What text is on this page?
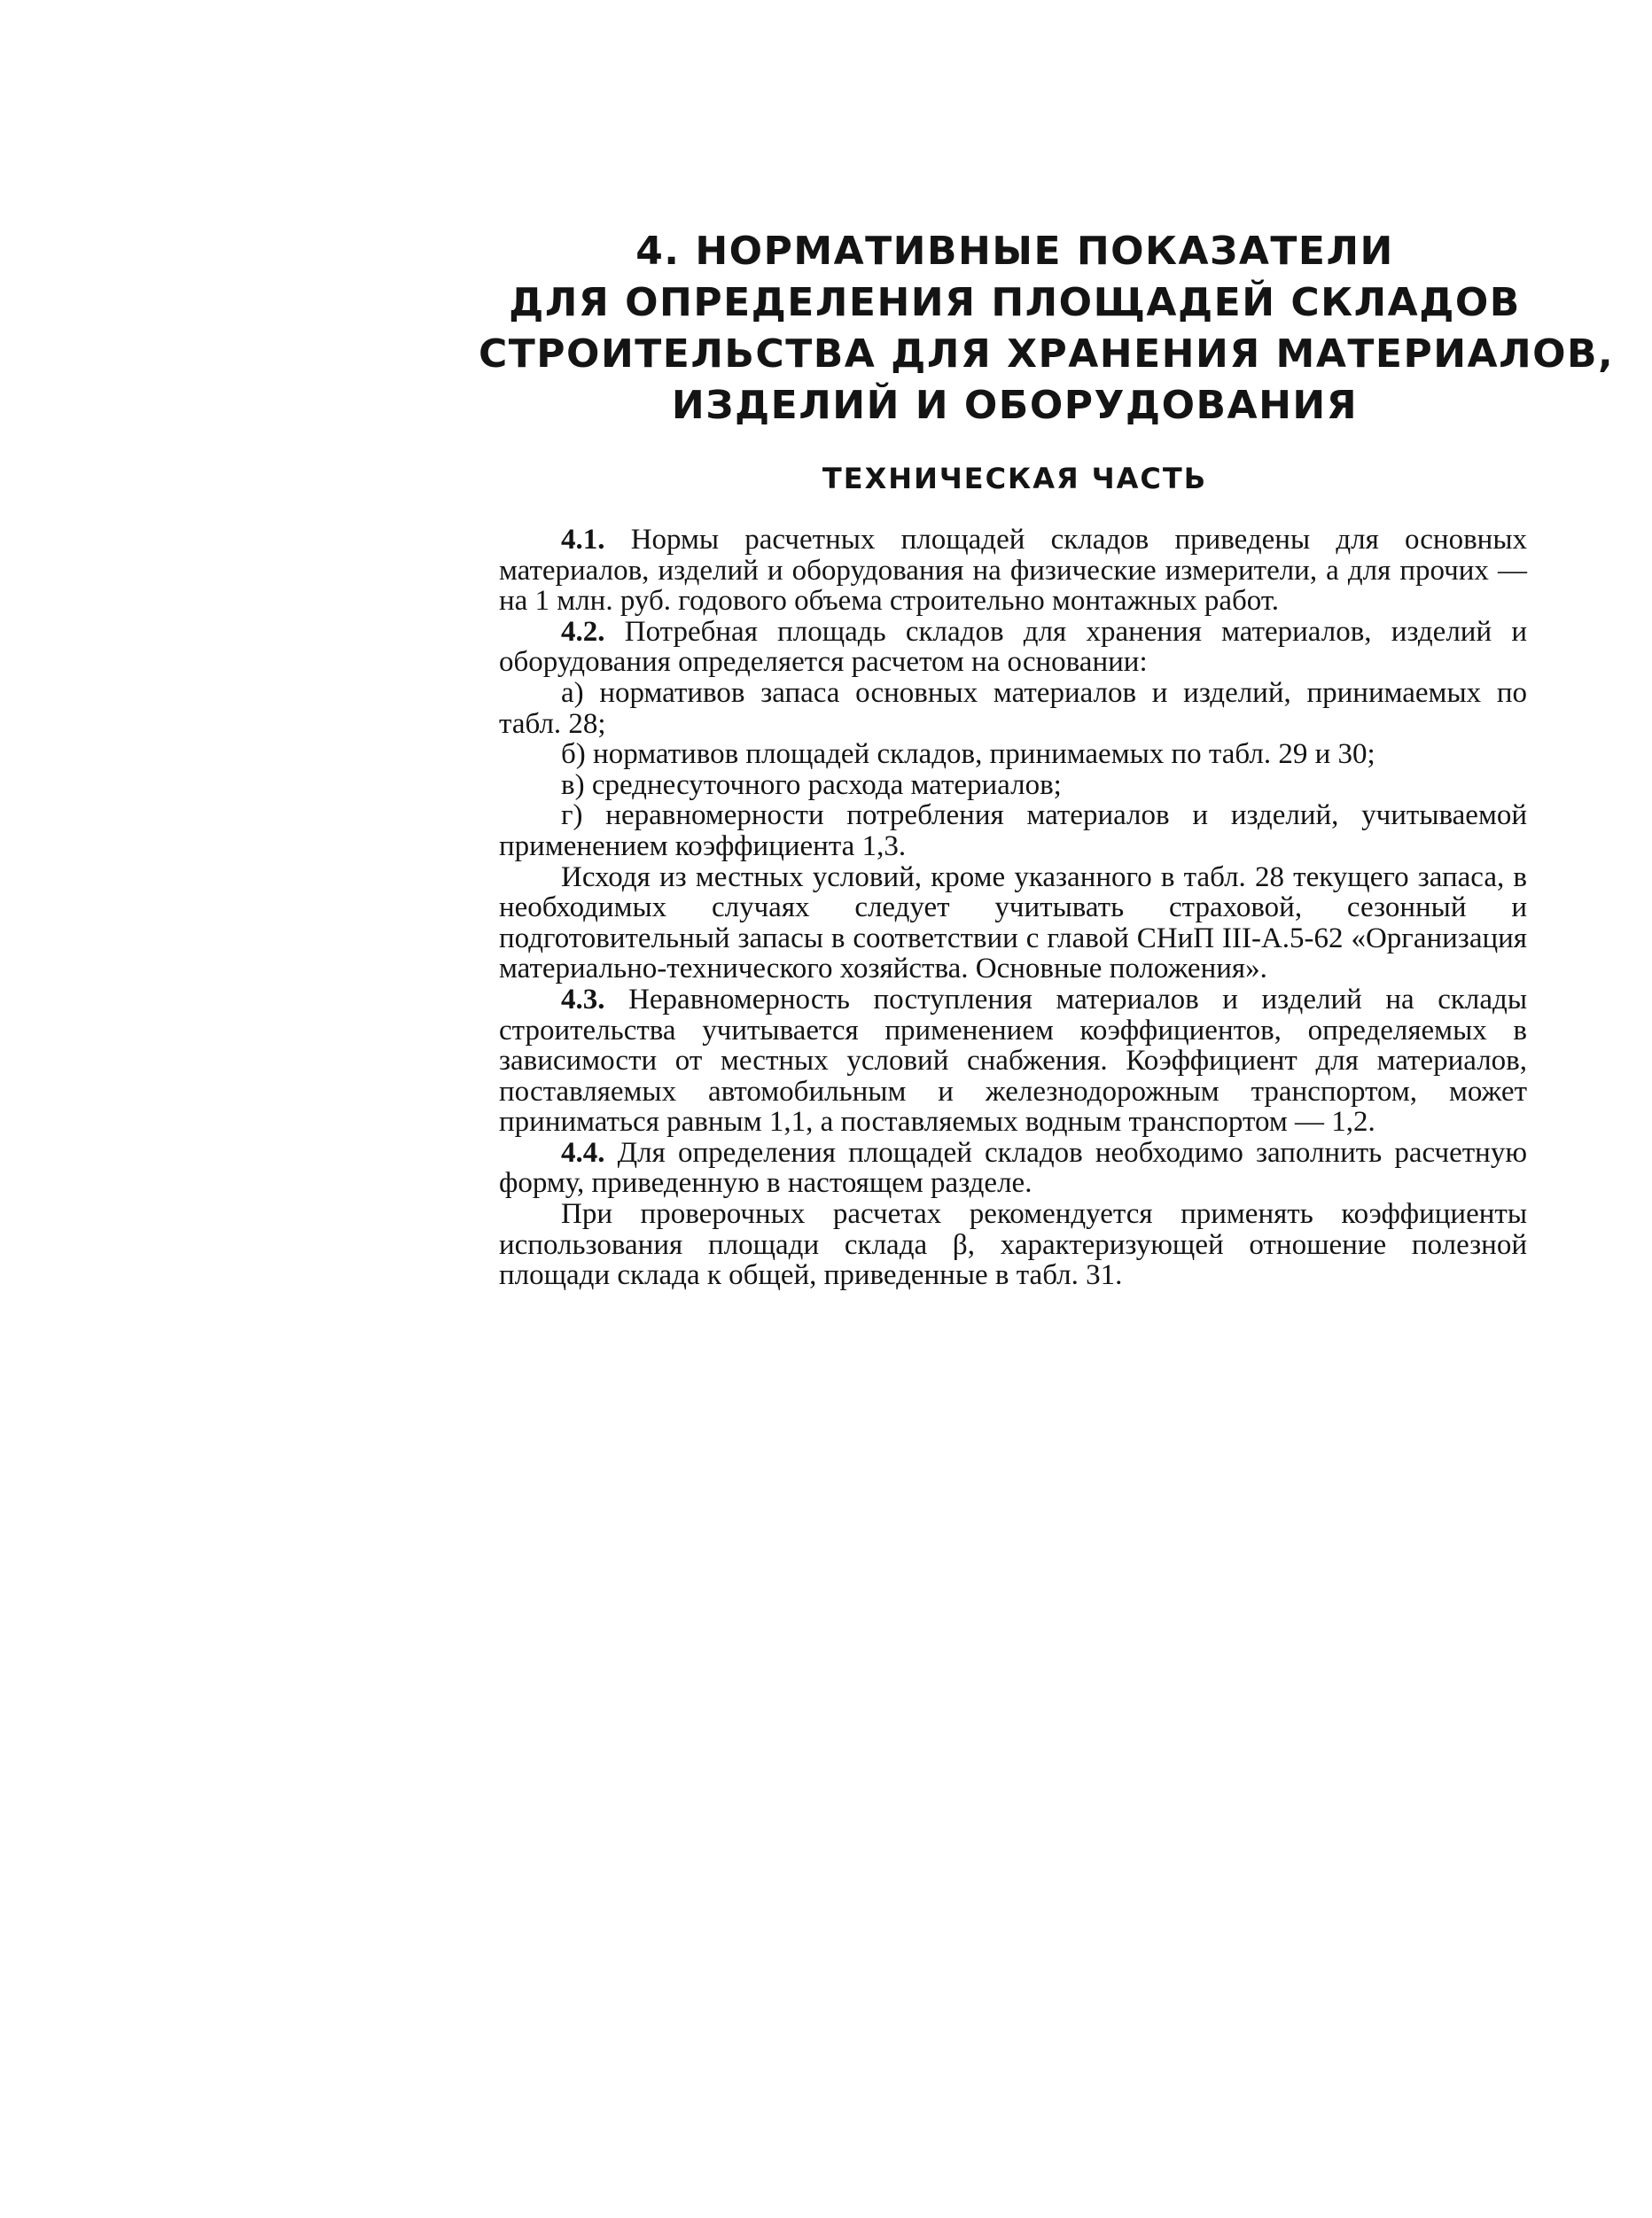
4. НОРМАТИВНЫЕ ПОКАЗАТЕЛИ
ДЛЯ ОПРЕДЕЛЕНИЯ ПЛОЩАДЕЙ СКЛАДОВ
СТРОИТЕЛЬСТВА ДЛЯ ХРАНЕНИЯ МАТЕРИАЛОВ,
ИЗДЕЛИЙ И ОБОРУДОВАНИЯ
ТЕХНИЧЕСКАЯ ЧАСТЬ

4.1. Нормы расчетных площадей складов приведены для основных материалов, изделий и оборудования на физические измерители, а для прочих — на 1 млн. руб. годового объема строительно монтажных работ.

4.2. Потребная площадь складов для хранения материалов, изделий и оборудования определяется расчетом на основании:

а) нормативов запаса основных материалов и изделий, принимаемых по табл. 28;

б) нормативов площадей складов, принимаемых по табл. 29 и 30;

в) среднесуточного расхода материалов;

г) неравномерности потребления материалов и изделий, учитываемой применением коэффициента 1,3.

Исходя из местных условий, кроме указанного в табл. 28 текущего запаса, в необходимых случаях следует учитывать страховой, сезонный и подготовительный запасы в соответствии с главой СНиП III-А.5-62 «Организация материально-технического хозяйства. Основные положения».

4.3. Неравномерность поступления материалов и изделий на склады строительства учитывается применением коэффициентов, определяемых в зависимости от местных условий снабжения. Коэффициент для материалов, поставляемых автомобильным и железнодорожным транспортом, может приниматься равным 1,1, а поставляемых водным транспортом — 1,2.

4.4. Для определения площадей складов необходимо заполнить расчетную форму, приведенную в настоящем разделе.

При проверочных расчетах рекомендуется применять коэффициенты использования площади склада β, характеризующей отношение полезной площади склада к общей, приведенные в табл. 31.
